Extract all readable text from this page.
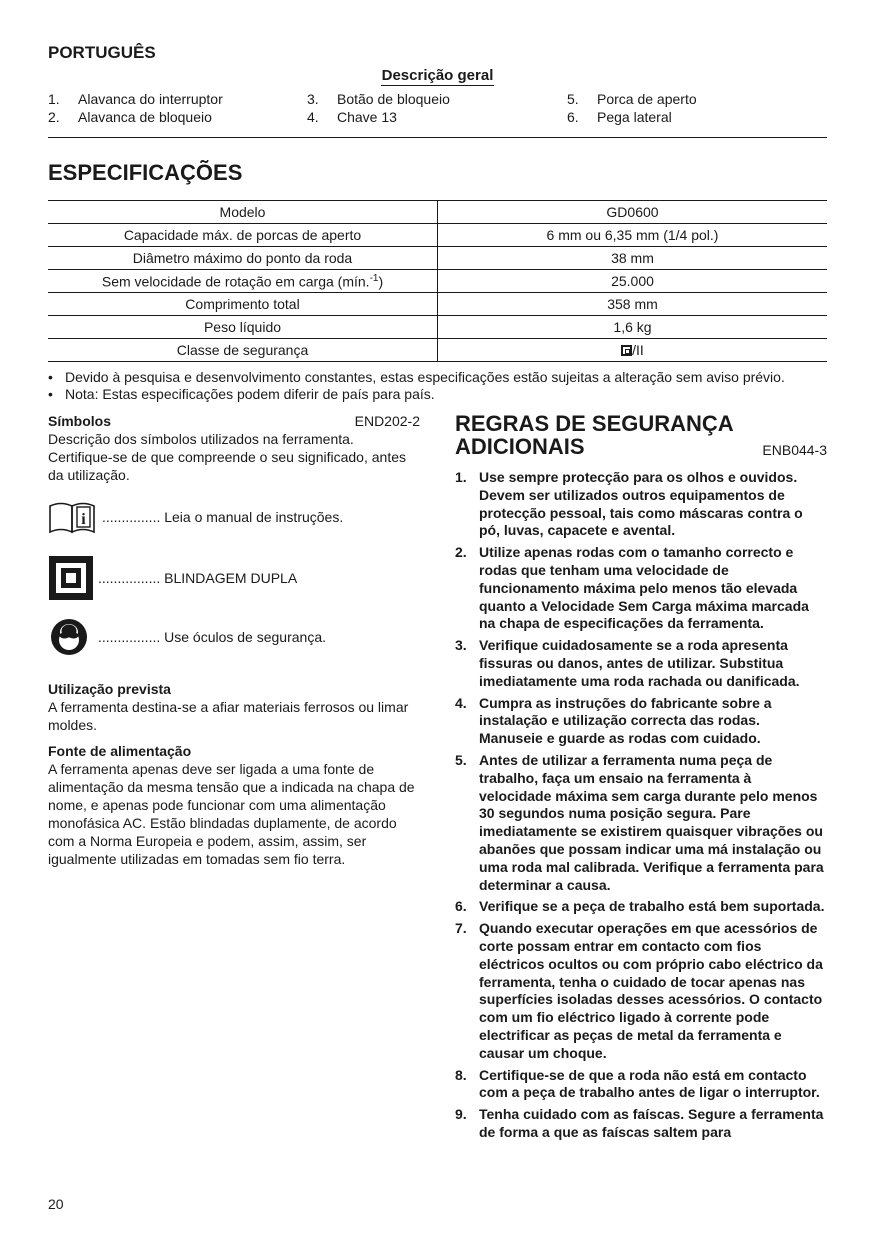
PORTUGUÊS
Descrição geral
1. Alavanca do interruptor
2. Alavanca de bloqueio
3. Botão de bloqueio
4. Chave 13
5. Porca de aperto
6. Pega lateral
ESPECIFICAÇÕES
Modelo	GD0600
Capacidade máx. de porcas de aperto	6 mm ou 6,35 mm (1/4 pol.)
Diâmetro máximo do ponto da roda	38 mm
Sem velocidade de rotação em carga (mín.$^{-1}$)	25.000
Comprimento total	358 mm
Peso líquido	1,6 kg
Classe de segurança	/II
• Devido à pesquisa e desenvolvimento constantes, estas especificações estão sujeitas a alteração sem aviso prévio.
• Nota: Estas especificações podem diferir de país para país.
Símbolos	END202-2
Descrição dos símbolos utilizados na ferramenta. Certifique-se de que compreende o seu significado, antes da utilização.
i ............... Leia o manual de instruções.
................ BLINDAGEM DUPLA
................ Use óculos de segurança.
Utilização prevista
A ferramenta destina-se a afiar materiais ferrosos ou limar moldes.
Fonte de alimentação
A ferramenta apenas deve ser ligada a uma fonte de alimentação da mesma tensão que a indicada na chapa de nome, e apenas pode funcionar com uma alimentação monofásica AC. Estão blindadas duplamente, de acordo com a Norma Europeia e podem, assim, assim, ser igualmente utilizadas em tomadas sem fio terra.
REGRAS DE SEGURANÇA ADICIONAIS	ENB044-3
1. Use sempre protecção para os olhos e ouvidos. Devem ser utilizados outros equipamentos de protecção pessoal, tais como máscaras contra o pó, luvas, capacete e avental.
2. Utilize apenas rodas com o tamanho correcto e rodas que tenham uma velocidade de funcionamento máxima pelo menos tão elevada quanto a Velocidade Sem Carga máxima marcada na chapa de especificações da ferramenta.
3. Verifique cuidadosamente se a roda apresenta fissuras ou danos, antes de utilizar. Substitua imediatamente uma roda rachada ou danificada.
4. Cumpra as instruções do fabricante sobre a instalação e utilização correcta das rodas. Manuseie e guarde as rodas com cuidado.
5. Antes de utilizar a ferramenta numa peça de trabalho, faça um ensaio na ferramenta à velocidade máxima sem carga durante pelo menos 30 segundos numa posição segura. Pare imediatamente se existirem quaisquer vibrações ou abanões que possam indicar uma má instalação ou uma roda mal calibrada. Verifique a ferramenta para determinar a causa.
6. Verifique se a peça de trabalho está bem suportada.
7. Quando executar operações em que acessórios de corte possam entrar em contacto com fios eléctricos ocultos ou com próprio cabo eléctrico da ferramenta, tenha o cuidado de tocar apenas nas superfícies isoladas desses acessórios. O contacto com um fio eléctrico ligado à corrente pode electrificar as peças de metal da ferramenta e causar um choque.
8. Certifique-se de que a roda não está em contacto com a peça de trabalho antes de ligar o interruptor.
9. Tenha cuidado com as faíscas. Segure a ferramenta de forma a que as faíscas saltem para
20
